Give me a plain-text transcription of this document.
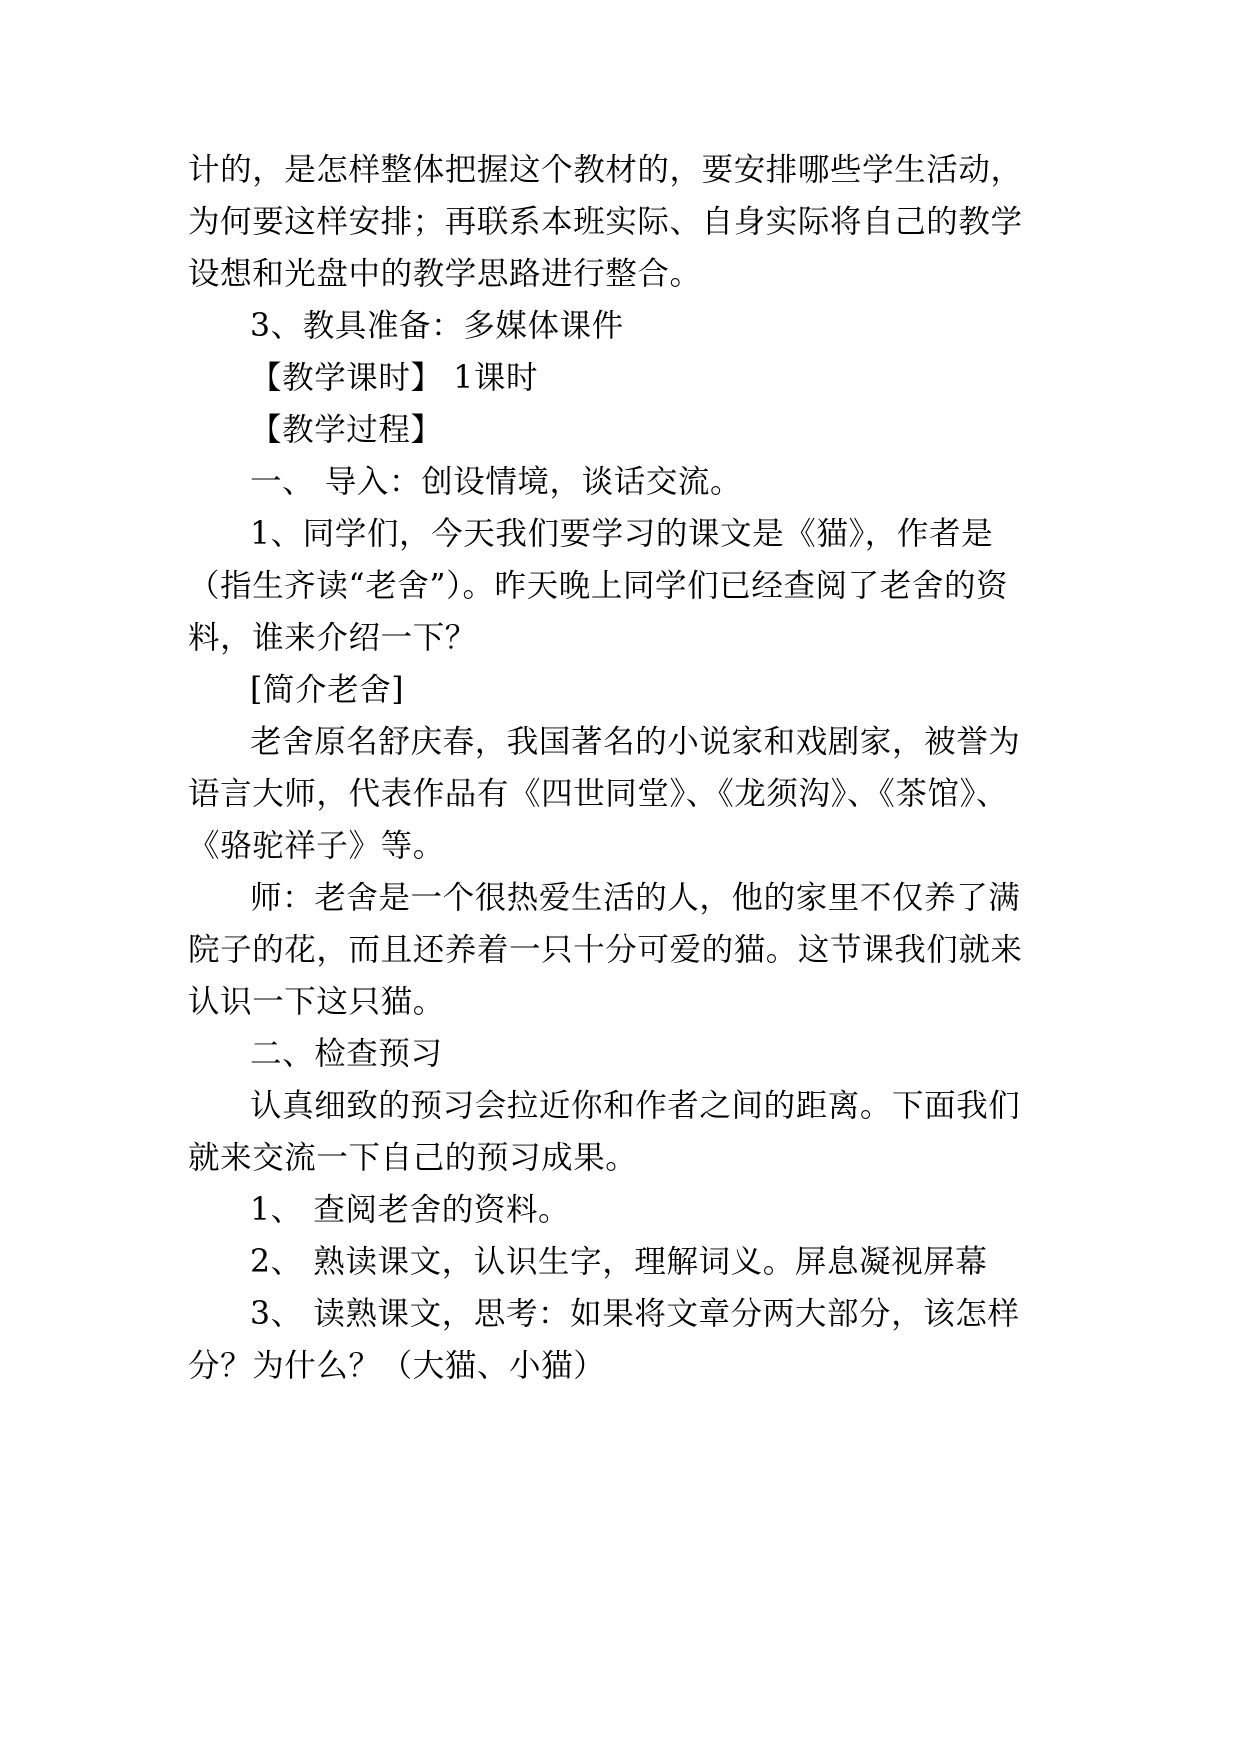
计的，是怎样整体把握这个教材的，要安排哪些学生活动，
为何要这样安排；再联系本班实际、自身实际将自己的教学
设想和光盘中的教学思路进行整合。
3、教具准备：多媒体课件
【教学课时】 1课时
【教学过程】
一、 导入：创设情境，谈话交流。
1、同学们，今天我们要学习的课文是《猫》，作者是
（指生齐读“老舍”）。昨天晚上同学们已经查阅了老舍的资
料，谁来介绍一下？
[简介老舍]
老舍原名舒庆春，我国著名的小说家和戏剧家，被誉为
语言大师，代表作品有《四世同堂》、《龙须沟》、《茶馆》、
《骆驼祥子》等。
师：老舍是一个很热爱生活的人，他的家里不仅养了满
院子的花，而且还养着一只十分可爱的猫。这节课我们就来
认识一下这只猫。
二、检查预习
认真细致的预习会拉近你和作者之间的距离。下面我们
就来交流一下自己的预习成果。
1、 查阅老舍的资料。
2、 熟读课文，认识生字，理解词义。屏息凝视屏幕
3、 读熟课文，思考：如果将文章分两大部分，该怎样
分？为什么？（大猫、小猫）
